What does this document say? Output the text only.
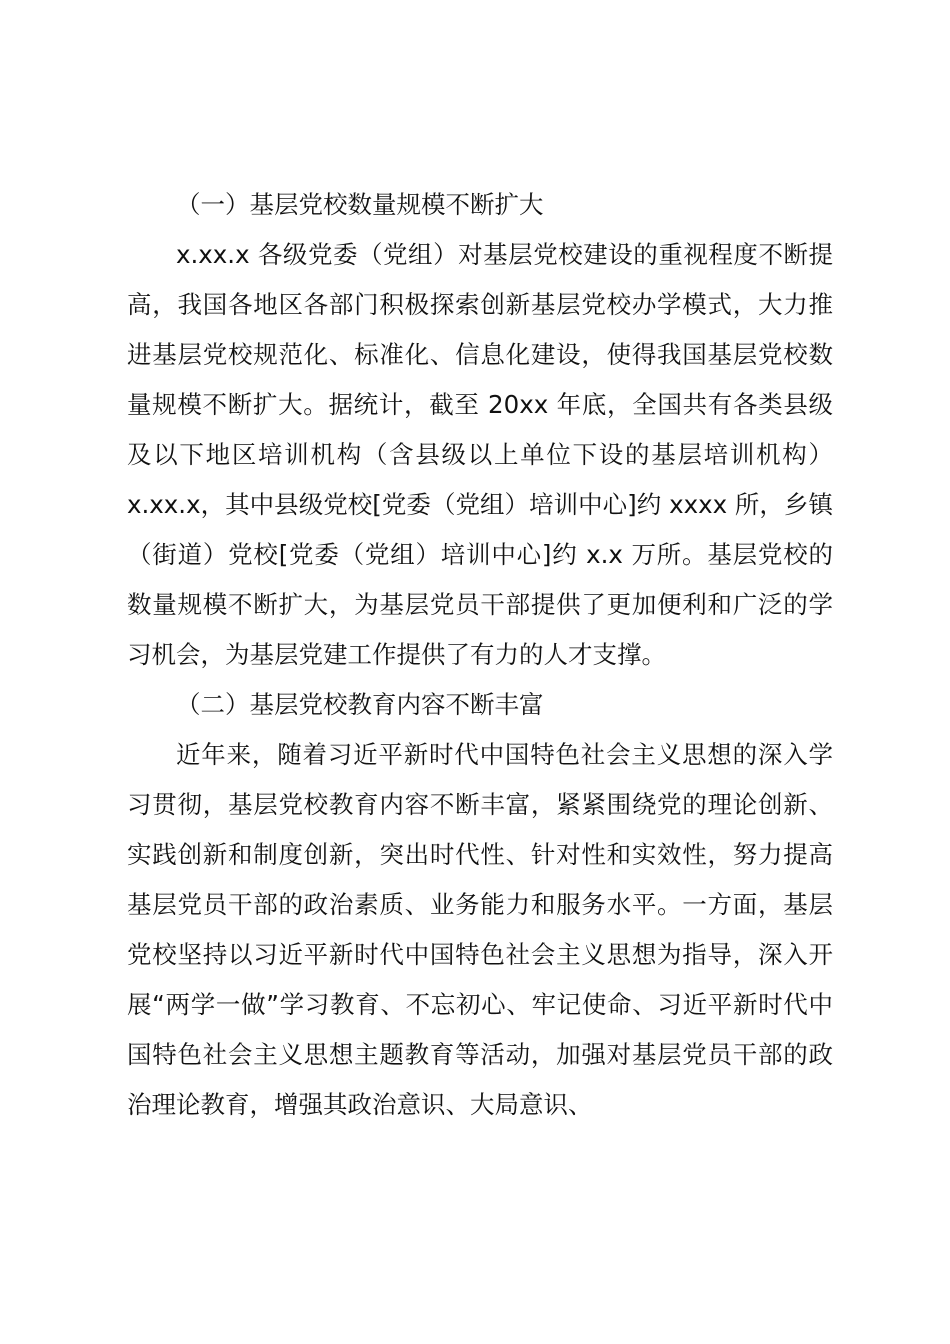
（一）基层党校数量规模不断扩大

x.xx.x 各级党委（党组）对基层党校建设的重视程度不断提高，我国各地区各部门积极探索创新基层党校办学模式，大力推进基层党校规范化、标准化、信息化建设，使得我国基层党校数量规模不断扩大。据统计，截至 20xx 年底，全国共有各类县级及以下地区培训机构（含县级以上单位下设的基层培训机构）x.xx.x，其中县级党校[党委（党组）培训中心]约 xxxx 所，乡镇（街道）党校[党委（党组）培训中心]约 x.x 万所。基层党校的数量规模不断扩大，为基层党员干部提供了更加便利和广泛的学习机会，为基层党建工作提供了有力的人才支撑。

（二）基层党校教育内容不断丰富

近年来，随着习近平新时代中国特色社会主义思想的深入学习贯彻，基层党校教育内容不断丰富，紧紧围绕党的理论创新、实践创新和制度创新，突出时代性、针对性和实效性，努力提高基层党员干部的政治素质、业务能力和服务水平。一方面，基层党校坚持以习近平新时代中国特色社会主义思想为指导，深入开展“两学一做”学习教育、不忘初心、牢记使命、习近平新时代中国特色社会主义思想主题教育等活动，加强对基层党员干部的政治理论教育，增强其政治意识、大局意识、
